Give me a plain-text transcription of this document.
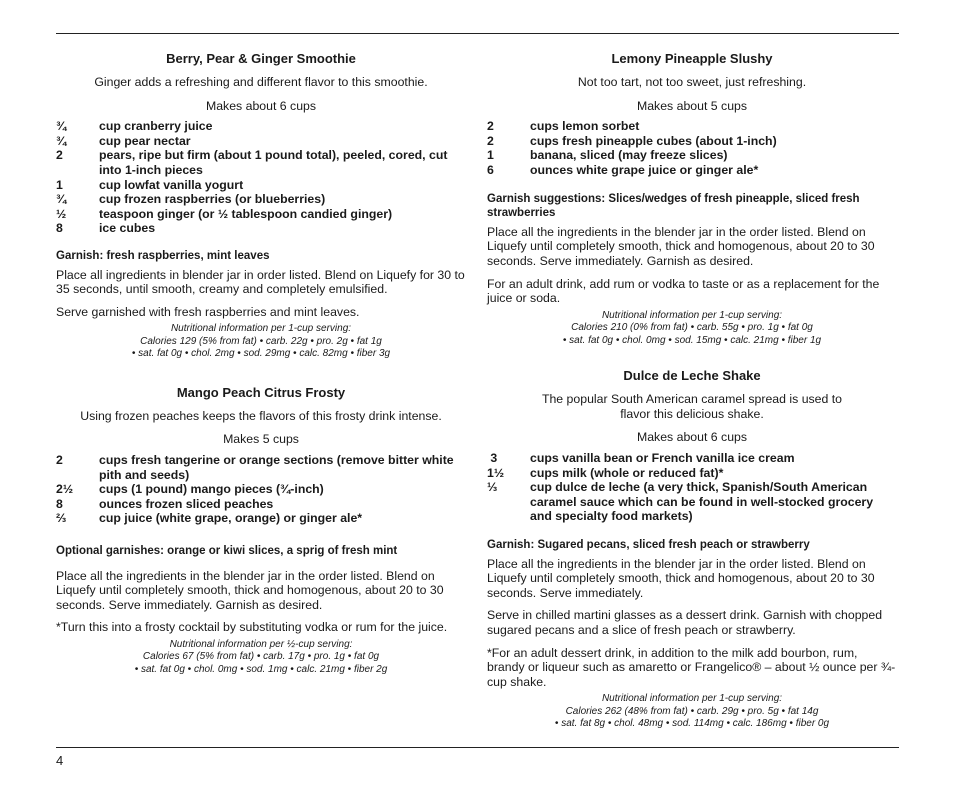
Berry, Pear & Ginger Smoothie
Ginger adds a refreshing and different flavor to this smoothie.
Makes about 6 cups
¾	cup cranberry juice
¾	cup pear nectar
2	pears, ripe but firm (about 1 pound total), peeled, cored, cut into 1-inch pieces
1	cup lowfat vanilla yogurt
¾	cup frozen raspberries (or blueberries)
½	teaspoon ginger (or ½ tablespoon candied ginger)
8	ice cubes
Garnish: fresh raspberries, mint leaves
Place all ingredients in blender jar in order listed. Blend on Liquefy for 30 to 35 seconds, until smooth, creamy and completely emulsified.
Serve garnished with fresh raspberries and mint leaves.

Nutritional information per 1-cup serving:
Calories 129 (5% from fat) • carb. 22g • pro. 2g • fat 1g
• sat. fat 0g • chol. 2mg • sod. 29mg • calc. 82mg • fiber 3g

Mango Peach Citrus Frosty
Using frozen peaches keeps the flavors of this frosty drink intense.
Makes 5 cups
2	cups fresh tangerine or orange sections (remove bitter white pith and seeds)
2½	cups (1 pound) mango pieces (¾-inch)
8	ounces frozen sliced peaches
⅔	cup juice (white grape, orange) or ginger ale*
Optional garnishes: orange or kiwi slices, a sprig of fresh mint
Place all the ingredients in the blender jar in the order listed. Blend on Liquefy until completely smooth, thick and homogenous, about 20 to 30 seconds. Serve immediately. Garnish as desired.
*Turn this into a frosty cocktail by substituting vodka or rum for the juice.

Nutritional information per ½-cup serving:
Calories 67 (5% from fat) • carb. 17g • pro. 1g • fat 0g
• sat. fat 0g • chol. 0mg • sod. 1mg • calc. 21mg • fiber 2g

Lemony Pineapple Slushy
Not too tart, not too sweet, just refreshing.
Makes about 5 cups
2	cups lemon sorbet
2	cups fresh pineapple cubes (about 1-inch)
1	banana, sliced (may freeze slices)
6	ounces white grape juice or ginger ale*
Garnish suggestions: Slices/wedges of fresh pineapple, sliced fresh strawberries
Place all the ingredients in the blender jar in the order listed. Blend on Liquefy until completely smooth, thick and homogenous, about 20 to 30 seconds. Serve immediately. Garnish as desired.
For an adult drink, add rum or vodka to taste or as a replacement for the juice or soda.

Nutritional information per 1-cup serving:
Calories 210 (0% from fat) • carb. 55g • pro. 1g • fat 0g
• sat. fat 0g • chol. 0mg • sod. 15mg • calc. 21mg • fiber 1g

Dulce de Leche Shake
The popular South American caramel spread is used to flavor this delicious shake.
Makes about 6 cups
3	cups vanilla bean or French vanilla ice cream
1½	cups milk (whole or reduced fat)*
⅓	cup dulce de leche (a very thick, Spanish/South American caramel sauce which can be found in well-stocked grocery and specialty food markets)
Garnish: Sugared pecans, sliced fresh peach or strawberry
Place all the ingredients in the blender jar in the order listed. Blend on Liquefy until completely smooth, thick and homogenous, about 20 to 30 seconds. Serve immediately.
Serve in chilled martini glasses as a dessert drink. Garnish with chopped sugared pecans and a slice of fresh peach or strawberry.
*For an adult dessert drink, in addition to the milk add bourbon, rum, brandy or liqueur such as amaretto or Frangelico® – about ½ ounce per ¾-cup shake.

Nutritional information per 1-cup serving:
Calories 262 (48% from fat) • carb. 29g • pro. 5g • fat 14g
• sat. fat 8g • chol. 48mg • sod. 114mg • calc. 186mg • fiber 0g

4
